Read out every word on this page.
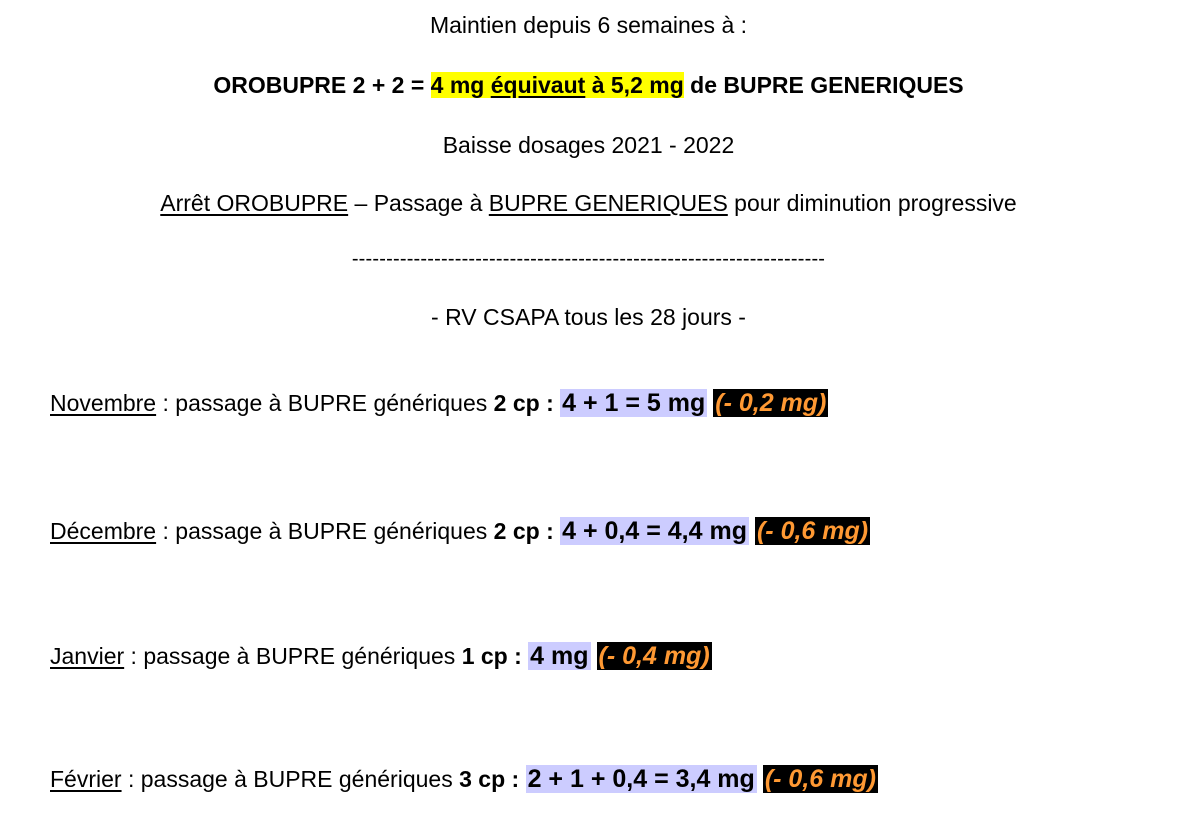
Maintien depuis 6 semaines à :
OROBUPRE 2 + 2 = 4 mg équivaut à 5,2 mg de BUPRE GENERIQUES
Baisse dosages 2021 - 2022
Arrêt OROBUPRE – Passage à BUPRE GENERIQUES pour diminution progressive
---------------------------------------------------------------------
- RV CSAPA tous les 28 jours -
Novembre : passage à BUPRE génériques 2 cp : 4 + 1 = 5 mg (- 0,2 mg)
Décembre : passage à BUPRE génériques 2 cp : 4 + 0,4 = 4,4 mg (- 0,6 mg)
Janvier : passage à BUPRE génériques 1 cp : 4 mg (- 0,4 mg)
Février : passage à BUPRE génériques 3 cp : 2 + 1 + 0,4 = 3,4 mg (- 0,6 mg)
